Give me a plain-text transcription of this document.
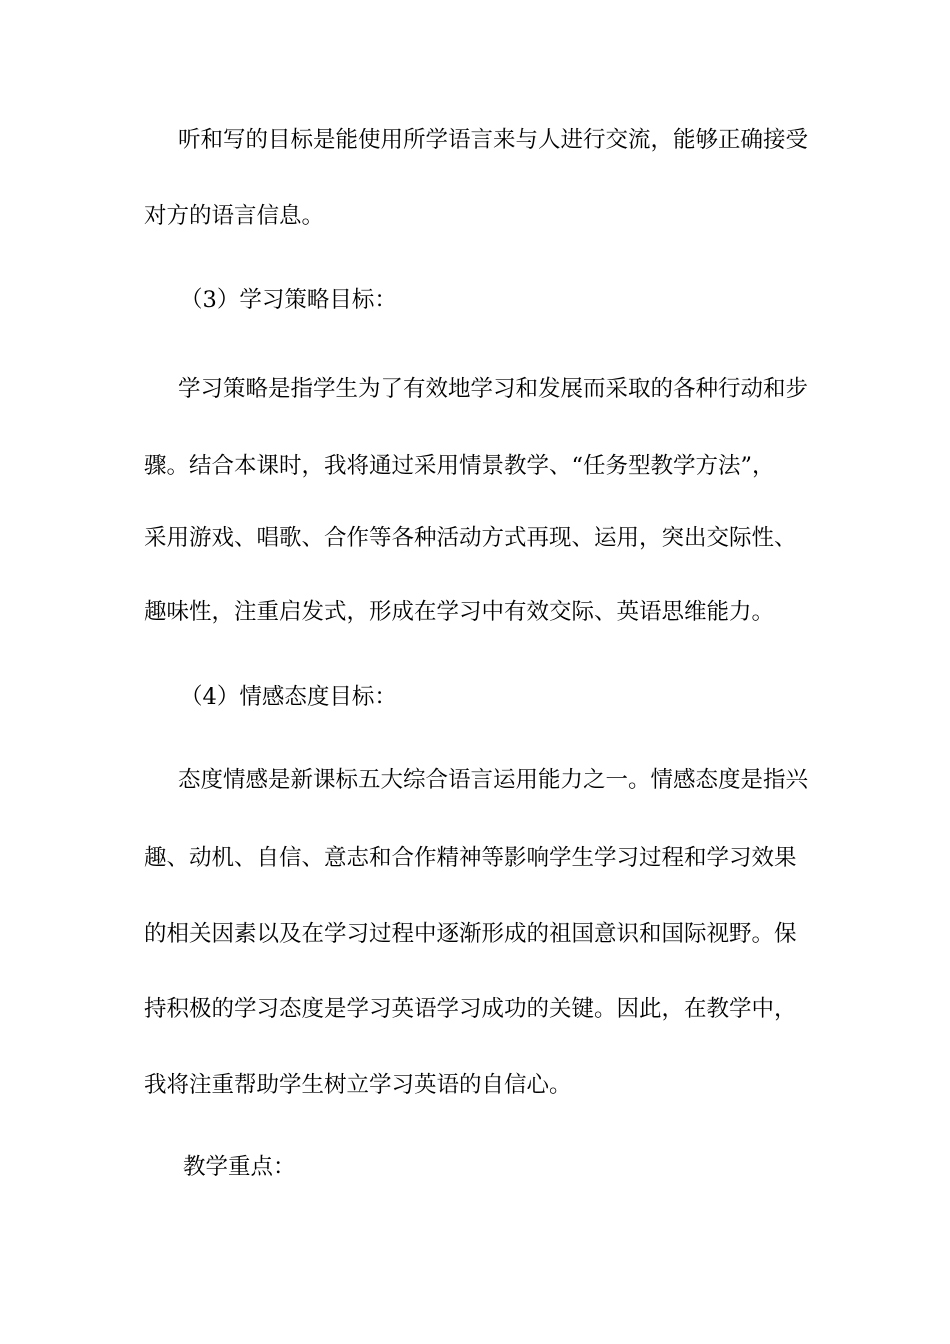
听和写的目标是能使用所学语言来与人进行交流，能够正确接受
对方的语言信息。
（3）学习策略目标：
学习策略是指学生为了有效地学习和发展而采取的各种行动和步
骤。结合本课时，我将通过采用情景教学、“任务型教学方法”，
采用游戏、唱歌、合作等各种活动方式再现、运用，突出交际性、
趣味性，注重启发式，形成在学习中有效交际、英语思维能力。
（4）情感态度目标：
态度情感是新课标五大综合语言运用能力之一。情感态度是指兴
趣、动机、自信、意志和合作精神等影响学生学习过程和学习效果
的相关因素以及在学习过程中逐渐形成的祖国意识和国际视野。保
持积极的学习态度是学习英语学习成功的关键。因此，在教学中，
我将注重帮助学生树立学习英语的自信心。
教学重点：
